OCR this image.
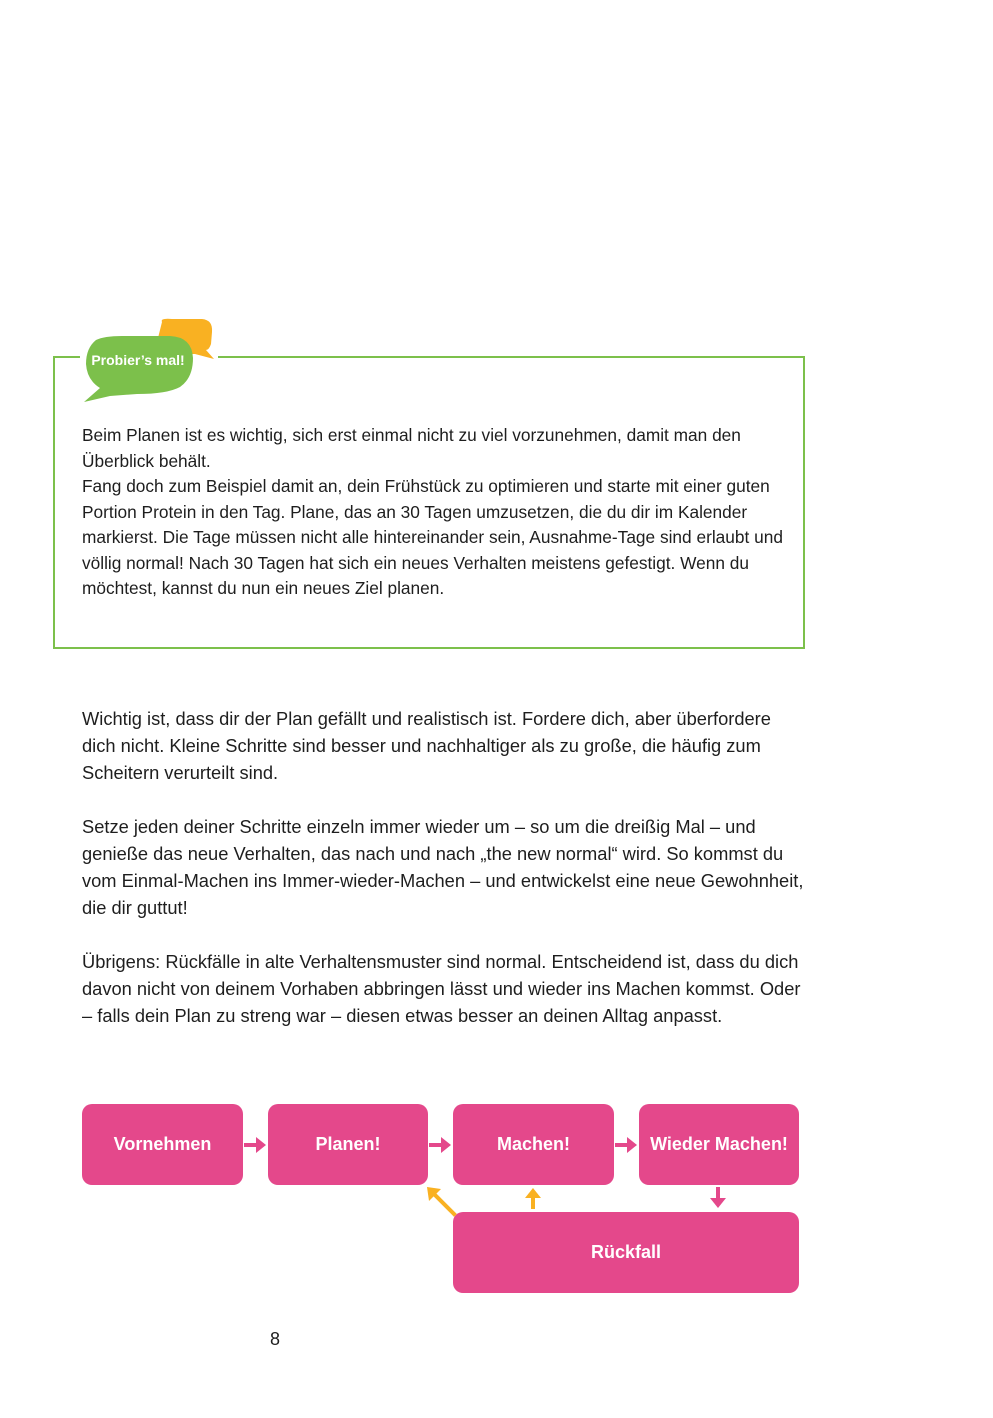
Probier’s mal!

Beim Planen ist es wichtig, sich erst einmal nicht zu viel vorzunehmen, damit man den Überblick behält.

Fang doch zum Beispiel damit an, dein Frühstück zu optimieren und starte mit einer guten Portion Protein in den Tag. Plane, das an 30 Tagen umzusetzen, die du dir im Kalender markierst. Die Tage müssen nicht alle hintereinander sein, Ausnahme-Tage sind erlaubt und völlig normal! Nach 30 Tagen hat sich ein neues Verhalten meistens gefestigt. Wenn du möchtest, kannst du nun ein neues Ziel planen.

Wichtig ist, dass dir der Plan gefällt und realistisch ist. Fordere dich, aber überfordere dich nicht. Kleine Schritte sind besser und nachhaltiger als zu große, die häufig zum Scheitern verurteilt sind.

Setze jeden deiner Schritte einzeln immer wieder um – so um die dreißig Mal – und genieße das neue Verhalten, das nach und nach „the new normal“ wird. So kommst du vom Einmal-Machen ins Immer-wieder-Machen – und entwickelst eine neue Gewohnheit, die dir guttut!

Übrigens: Rückfälle in alte Verhaltensmuster sind normal. Entscheidend ist, dass du dich davon nicht von deinem Vorhaben abbringen lässt und wieder ins Machen kommst. Oder – falls dein Plan zu streng war – diesen etwas besser an deinen Alltag anpasst.

Vornehmen	Planen!	Machen!	Wieder Machen!
Rückfall
8
